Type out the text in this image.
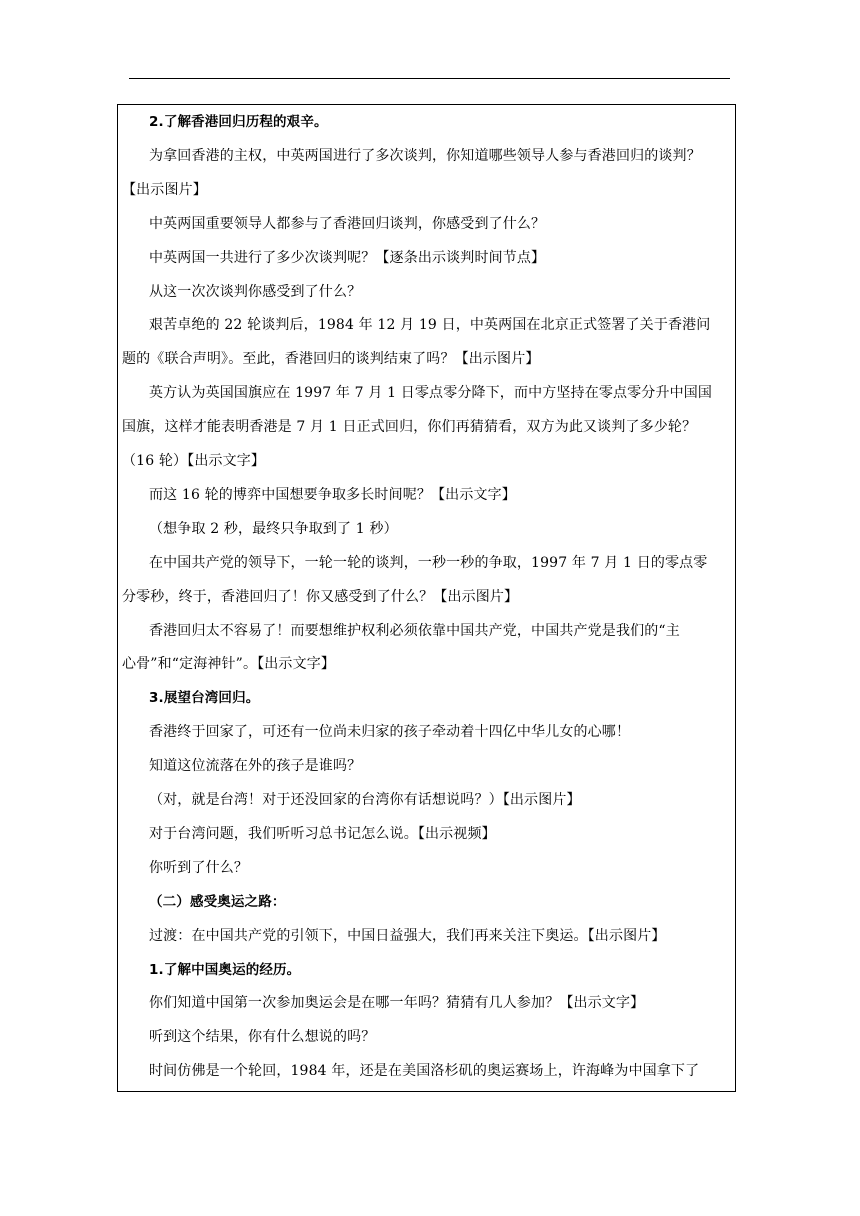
2.了解香港回归历程的艰辛。
为拿回香港的主权，中英两国进行了多次谈判，你知道哪些领导人参与香港回归的谈判？
【出示图片】
中英两国重要领导人都参与了香港回归谈判，你感受到了什么？
中英两国一共进行了多少次谈判呢？【逐条出示谈判时间节点】
从这一次次谈判你感受到了什么？
艰苦卓绝的 22 轮谈判后，1984 年 12 月 19 日，中英两国在北京正式签署了关于香港问
题的《联合声明》。至此，香港回归的谈判结束了吗？【出示图片】
英方认为英国国旗应在 1997 年 7 月 1 日零点零分降下，而中方坚持在零点零分升中国国
国旗，这样才能表明香港是 7 月 1 日正式回归，你们再猜猜看，双方为此又谈判了多少轮？
（16 轮）【出示文字】
而这 16 轮的博弈中国想要争取多长时间呢？【出示文字】
（想争取 2 秒，最终只争取到了 1 秒）
在中国共产党的领导下，一轮一轮的谈判，一秒一秒的争取，1997 年 7 月 1 日的零点零
分零秒，终于，香港回归了！你又感受到了什么？【出示图片】
香港回归太不容易了！而要想维护权利必须依靠中国共产党，中国共产党是我们的“主
心骨”和“定海神针”。【出示文字】
3.展望台湾回归。
香港终于回家了，可还有一位尚未归家的孩子牵动着十四亿中华儿女的心哪！
知道这位流落在外的孩子是谁吗？
（对，就是台湾！对于还没回家的台湾你有话想说吗？）【出示图片】
对于台湾问题，我们听听习总书记怎么说。【出示视频】
你听到了什么？
（二）感受奥运之路：
过渡：在中国共产党的引领下，中国日益强大，我们再来关注下奥运。【出示图片】
1.了解中国奥运的经历。
你们知道中国第一次参加奥运会是在哪一年吗？猜猜有几人参加？【出示文字】
听到这个结果，你有什么想说的吗？
时间仿佛是一个轮回，1984 年，还是在美国洛杉矶的奥运赛场上，许海峰为中国拿下了
